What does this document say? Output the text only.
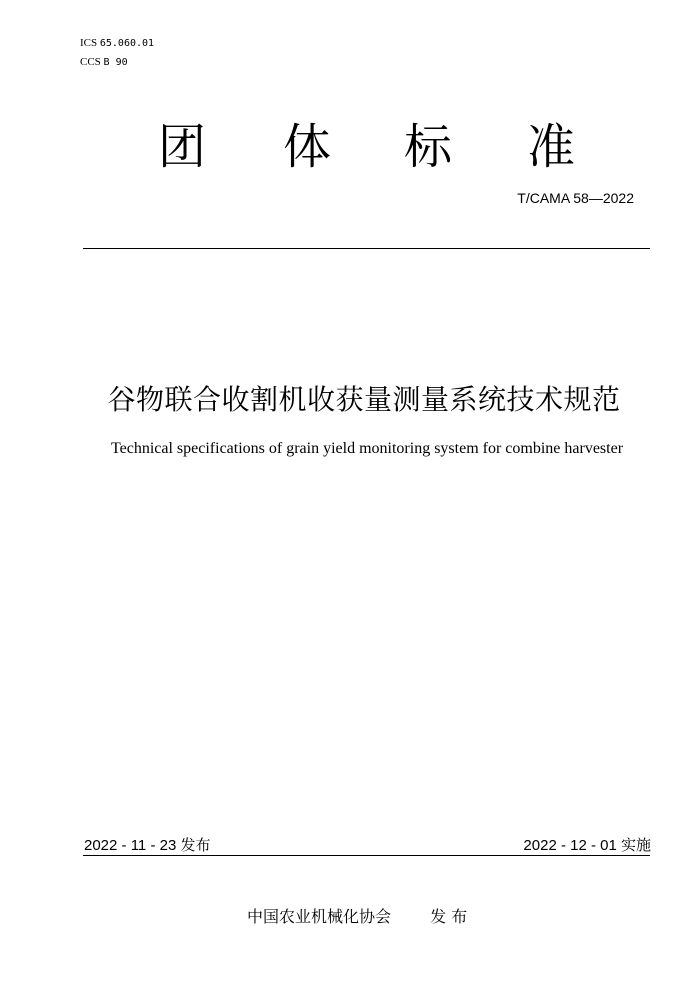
ICS 65.060.01
CCS B 90
团 体 标 准
T/CAMA 58—2022
谷物联合收割机收获量测量系统技术规范
Technical specifications of grain yield monitoring system for combine harvester
2022 - 11 - 23 发布	2022 - 12 - 01 实施
中国农业机械化协会 发 布
